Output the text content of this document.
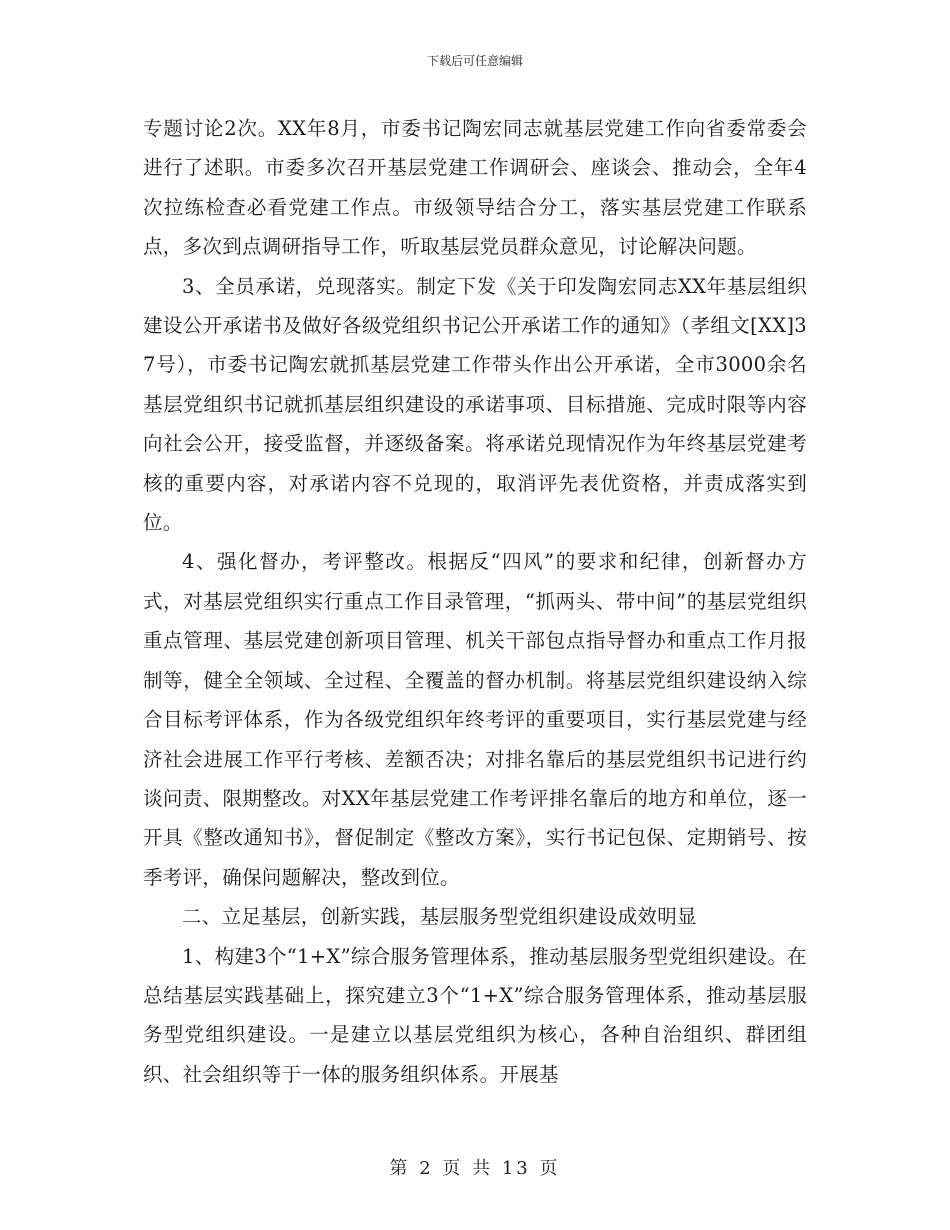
下载后可任意编辑

专题讨论2次。XX年8月，市委书记陶宏同志就基层党建工作向省委常委会进行了述职。市委多次召开基层党建工作调研会、座谈会、推动会，全年4次拉练检查必看党建工作点。市级领导结合分工，落实基层党建工作联系点，多次到点调研指导工作，听取基层党员群众意见，讨论解决问题。

3、全员承诺，兑现落实。制定下发《关于印发陶宏同志XX年基层组织建设公开承诺书及做好各级党组织书记公开承诺工作的通知》（孝组文[XX]37号），市委书记陶宏就抓基层党建工作带头作出公开承诺，全市3000余名基层党组织书记就抓基层组织建设的承诺事项、目标措施、完成时限等内容向社会公开，接受监督，并逐级备案。将承诺兑现情况作为年终基层党建考核的重要内容，对承诺内容不兑现的，取消评先表优资格，并责成落实到位。

4、强化督办，考评整改。根据反“四风”的要求和纪律，创新督办方式，对基层党组织实行重点工作目录管理，“抓两头、带中间”的基层党组织重点管理、基层党建创新项目管理、机关干部包点指导督办和重点工作月报制等，健全全领域、全过程、全覆盖的督办机制。将基层党组织建设纳入综合目标考评体系，作为各级党组织年终考评的重要项目，实行基层党建与经济社会进展工作平行考核、差额否决；对排名靠后的基层党组织书记进行约谈问责、限期整改。对XX年基层党建工作考评排名靠后的地方和单位，逐一开具《整改通知书》，督促制定《整改方案》，实行书记包保、定期销号、按季考评，确保问题解决，整改到位。

二、立足基层，创新实践，基层服务型党组织建设成效明显

1、构建3个“1+X”综合服务管理体系，推动基层服务型党组织建设。在总结基层实践基础上，探究建立3个“1+X”综合服务管理体系，推动基层服务型党组织建设。一是建立以基层党组织为核心，各种自治组织、群团组织、社会组织等于一体的服务组织体系。开展基

第 2 页 共 13 页
